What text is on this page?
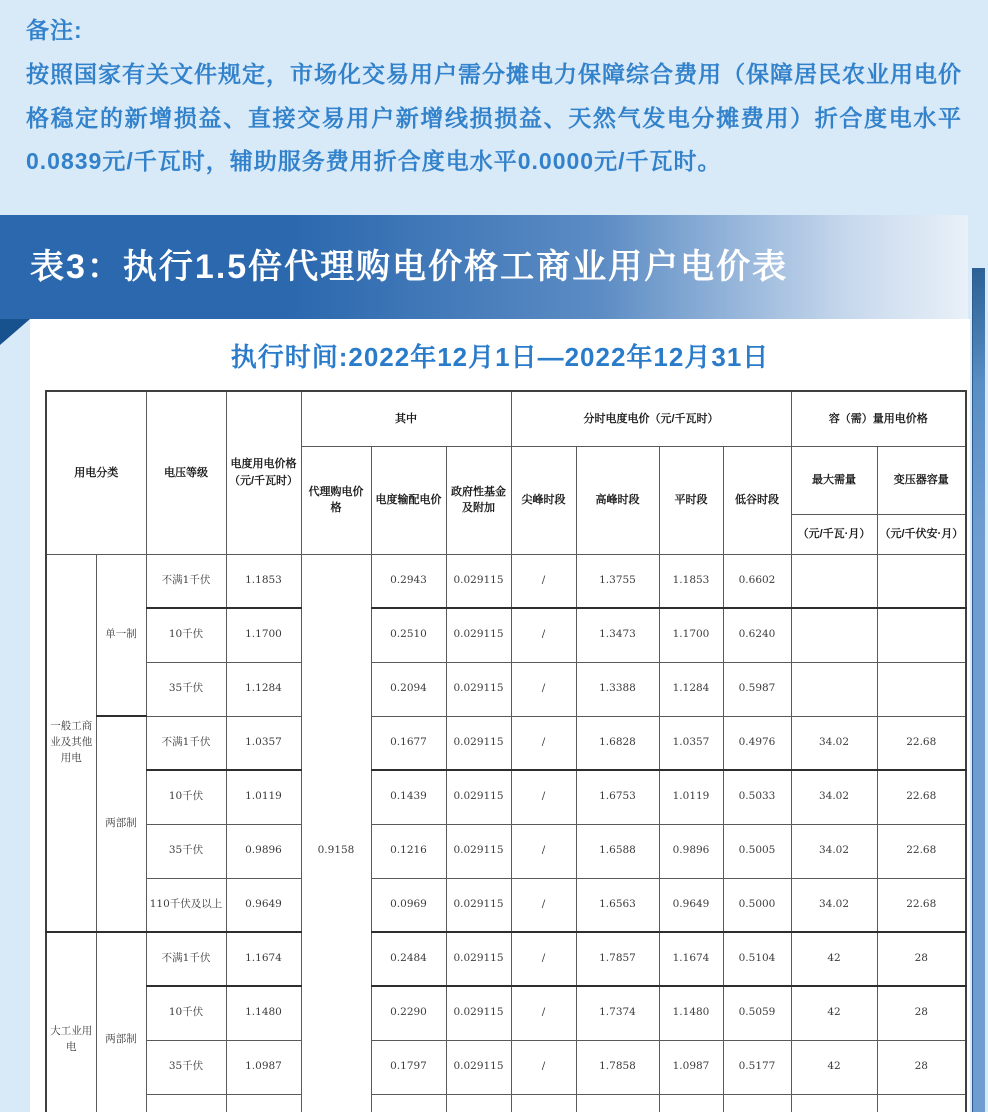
备注:
按照国家有关文件规定，市场化交易用户需分摊电力保障综合费用（保障居民农业用电价格稳定的新增损益、直接交易用户新增线损损益、天然气发电分摊费用）折合度电水平0.0839元/千瓦时，辅助服务费用折合度电水平0.0000元/千瓦时。
表3：执行1.5倍代理购电价格工商业用户电价表
执行时间:2022年12月1日—2022年12月31日
用电分类		电压等级	电度用电价格（元/千瓦时）	其中			分时电度电价（元/千瓦时）				容（需）量用电价格	
				代理购电价格	电度输配电价	政府性基金及附加	尖峰时段	高峰时段	平时段	低谷时段	最大需量	变压器容量
											（元/千瓦·月）	（元/千伏安·月）
一般工商业及其他用电	单一制	不满1千伏	1.1853	0.9158	0.2943	0.029115	/	1.3755	1.1853	0.6602		
		10千伏	1.1700		0.2510	0.029115	/	1.3473	1.1700	0.6240		
		35千伏	1.1284		0.2094	0.029115	/	1.3388	1.1284	0.5987		
	两部制	不满1千伏	1.0357		0.1677	0.029115	/	1.6828	1.0357	0.4976	34.02	22.68
		10千伏	1.0119		0.1439	0.029115	/	1.6753	1.0119	0.5033	34.02	22.68
		35千伏	0.9896		0.1216	0.029115	/	1.6588	0.9896	0.5005	34.02	22.68
		110千伏及以上	0.9649		0.0969	0.029115	/	1.6563	0.9649	0.5000	34.02	22.68
大工业用电	两部制	不满1千伏	1.1674		0.2484	0.029115	/	1.7857	1.1674	0.5104	42	28
		10千伏	1.1480		0.2290	0.029115	/	1.7374	1.1480	0.5059	42	28
		35千伏	1.0987		0.1797	0.029115	/	1.7858	1.0987	0.5177	42	28
